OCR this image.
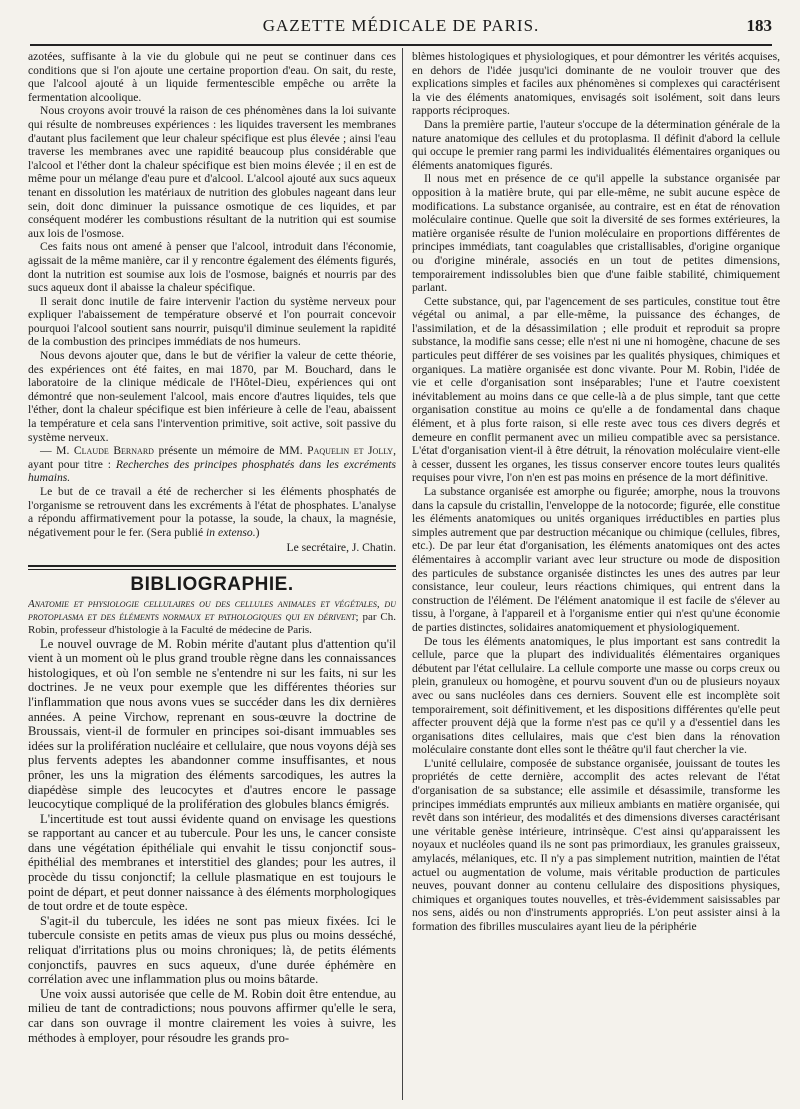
GAZETTE MÉDICALE DE PARIS.	183

azotées, suffisante à la vie du globule qui ne peut se continuer dans ces conditions que si l'on ajoute une certaine proportion d'eau. On sait, du reste, que l'alcool ajouté à un liquide fermentescible empêche ou arrête la fermentation alcoolique.

Nous croyons avoir trouvé la raison de ces phénomènes dans la loi suivante qui résulte de nombreuses expériences : les liquides traversent les membranes d'autant plus facilement que leur chaleur spécifique est plus élevée ; ainsi l'eau traverse les membranes avec une rapidité beaucoup plus considérable que l'alcool et l'éther dont la chaleur spécifique est bien moins élevée ; il en est de même pour un mélange d'eau pure et d'alcool. L'alcool ajouté aux sucs aqueux tenant en dissolution les matériaux de nutrition des globules nageant dans leur sein, doit donc diminuer la puissance osmotique de ces liquides, et par conséquent modérer les combustions résultant de la nutrition qui est soumise aux lois de l'osmose.

Ces faits nous ont amené à penser que l'alcool, introduit dans l'économie, agissait de la même manière, car il y rencontre également des éléments figurés, dont la nutrition est soumise aux lois de l'osmose, baignés et nourris par des sucs aqueux dont il abaisse la chaleur spécifique.

Il serait donc inutile de faire intervenir l'action du système nerveux pour expliquer l'abaissement de température observé et l'on pourrait concevoir pourquoi l'alcool soutient sans nourrir, puisqu'il diminue seulement la rapidité de la combustion des principes immédiats de nos humeurs.

Nous devons ajouter que, dans le but de vérifier la valeur de cette théorie, des expériences ont été faites, en mai 1870, par M. Bouchard, dans le laboratoire de la clinique médicale de l'Hôtel-Dieu, expériences qui ont démontré que non-seulement l'alcool, mais encore d'autres liquides, tels que l'éther, dont la chaleur spécifique est bien inférieure à celle de l'eau, abaissent la température et cela sans l'intervention primitive, soit active, soit passive du système nerveux.

— M. Claude Bernard présente un mémoire de MM. Paquelin et Jolly, ayant pour titre : Recherches des principes phosphatés dans les excréments humains.

Le but de ce travail a été de rechercher si les éléments phosphatés de l'organisme se retrouvent dans les excréments à l'état de phosphates. L'analyse a répondu affirmativement pour la potasse, la soude, la chaux, la magnésie, négativement pour le fer. (Sera publié in extenso.)

Le secrétaire, J. Chatin.

BIBLIOGRAPHIE.

Anatomie et physiologie cellulaires ou des cellules animales et végétales, du protoplasma et des éléments normaux et pathologiques qui en dérivent; par Ch. Robin, professeur d'histologie à la Faculté de médecine de Paris.

Le nouvel ouvrage de M. Robin mérite d'autant plus d'attention qu'il vient à un moment où le plus grand trouble règne dans les connaissances histologiques, et où l'on semble ne s'entendre ni sur les faits, ni sur les doctrines. Je ne veux pour exemple que les différentes théories sur l'inflammation que nous avons vues se succéder dans les dix dernières années. A peine Virchow, reprenant en sous-œuvre la doctrine de Broussais, vient-il de formuler en principes soi-disant immuables ses idées sur la prolifération nucléaire et cellulaire, que nous voyons déjà ses plus fervents adeptes les abandonner comme insuffisantes, et nous prôner, les uns la migration des éléments sarcodiques, les autres la diapédèse simple des leucocytes et d'autres encore le passage leucocytique compliqué de la prolifération des globules blancs émigrés.

L'incertitude est tout aussi évidente quand on envisage les questions se rapportant au cancer et au tubercule. Pour les uns, le cancer consiste dans une végétation épithéliale qui envahit le tissu conjonctif sous-épithélial des membranes et interstitiel des glandes; pour les autres, il procède du tissu conjonctif; la cellule plasmatique en est toujours le point de départ, et peut donner naissance à des éléments morphologiques de tout ordre et de toute espèce.

S'agit-il du tubercule, les idées ne sont pas mieux fixées. Ici le tubercule consiste en petits amas de vieux pus plus ou moins desséché, reliquat d'irritations plus ou moins chroniques; là, de petits éléments conjonctifs, pauvres en sucs aqueux, d'une durée éphémère en corrélation avec une inflammation plus ou moins bâtarde.

Une voix aussi autorisée que celle de M. Robin doit être entendue, au milieu de tant de contradictions; nous pouvons affirmer qu'elle le sera, car dans son ouvrage il montre clairement les voies à suivre, les méthodes à employer, pour résoudre les grands pro-

blèmes histologiques et physiologiques, et pour démontrer les vérités acquises, en dehors de l'idée jusqu'ici dominante de ne vouloir trouver que des explications simples et faciles aux phénomènes si complexes qui caractérisent la vie des éléments anatomiques, envisagés soit isolément, soit dans leurs rapports réciproques.

Dans la première partie, l'auteur s'occupe de la détermination générale de la nature anatomique des cellules et du protoplasma. Il définit d'abord la cellule qui occupe le premier rang parmi les individualités élémentaires organiques ou éléments anatomiques figurés.

Il nous met en présence de ce qu'il appelle la substance organisée par opposition à la matière brute, qui par elle-même, ne subit aucune espèce de modifications. La substance organisée, au contraire, est en état de rénovation moléculaire continue. Quelle que soit la diversité de ses formes extérieures, la matière organisée résulte de l'union moléculaire en proportions différentes de principes immédiats, tant coagulables que cristallisables, d'origine organique ou d'origine minérale, associés en un tout de petites dimensions, temporairement indissolubles bien que d'une faible stabilité, chimiquement parlant.

Cette substance, qui, par l'agencement de ses particules, constitue tout être végétal ou animal, a par elle-même, la puissance des échanges, de l'assimilation, et de la désassimilation ; elle produit et reproduit sa propre substance, la modifie sans cesse; elle n'est ni une ni homogène, chacune de ses particules peut différer de ses voisines par les qualités physiques, chimiques et organiques. La matière organisée est donc vivante. Pour M. Robin, l'idée de vie et celle d'organisation sont inséparables; l'une et l'autre coexistent inévitablement au moins dans ce que celle-là a de plus simple, tant que cette organisation constitue au moins ce qu'elle a de fondamental dans chaque élément, et à plus forte raison, si elle reste avec tous ces divers degrés et demeure en conflit permanent avec un milieu compatible avec sa persistance. L'état d'organisation vient-il à être détruit, la rénovation moléculaire vient-elle à cesser, dussent les organes, les tissus conserver encore toutes leurs qualités requises pour vivre, l'on n'en est pas moins en présence de la mort définitive.

La substance organisée est amorphe ou figurée; amorphe, nous la trouvons dans la capsule du cristallin, l'enveloppe de la notocorde; figurée, elle constitue les éléments anatomiques ou unités organiques irréductibles en parties plus simples autrement que par destruction mécanique ou chimique (cellules, fibres, etc.). De par leur état d'organisation, les éléments anatomiques ont des actes élémentaires à accomplir variant avec leur structure ou mode de disposition des particules de substance organisée distinctes les unes des autres par leur consistance, leur couleur, leurs réactions chimiques, qui entrent dans la construction de l'élément. De l'élément anatomique il est facile de s'élever au tissu, à l'organe, à l'appareil et à l'organisme entier qui n'est qu'une économie de parties distinctes, solidaires anatomiquement et physiologiquement.

De tous les éléments anatomiques, le plus important est sans contredit la cellule, parce que la plupart des individualités élémentaires organiques débutent par l'état cellulaire. La cellule comporte une masse ou corps creux ou plein, granuleux ou homogène, et pourvu souvent d'un ou de plusieurs noyaux avec ou sans nucléoles dans ces derniers. Souvent elle est incomplète soit temporairement, soit définitivement, et les dispositions différentes qu'elle peut affecter prouvent déjà que la forme n'est pas ce qu'il y a d'essentiel dans les organisations dites cellulaires, mais que c'est bien dans la rénovation moléculaire constante dont elles sont le théâtre qu'il faut chercher la vie.

L'unité cellulaire, composée de substance organisée, jouissant de toutes les propriétés de cette dernière, accomplit des actes relevant de l'état d'organisation de sa substance; elle assimile et désassimile, transforme les principes immédiats empruntés aux milieux ambiants en matière organisée, qui revêt dans son intérieur, des modalités et des dimensions diverses caractérisant une véritable genèse intérieure, intrinsèque. C'est ainsi qu'apparaissent les noyaux et nucléoles quand ils ne sont pas primordiaux, les granules graisseux, amylacés, mélaniques, etc. Il n'y a pas simplement nutrition, maintien de l'état actuel ou augmentation de volume, mais véritable production de particules neuves, pouvant donner au contenu cellulaire des dispositions physiques, chimiques et organiques toutes nouvelles, et très-évidemment saisissables par nos sens, aidés ou non d'instruments appropriés. L'on peut assister ainsi à la formation des fibrilles musculaires ayant lieu de la périphérie
